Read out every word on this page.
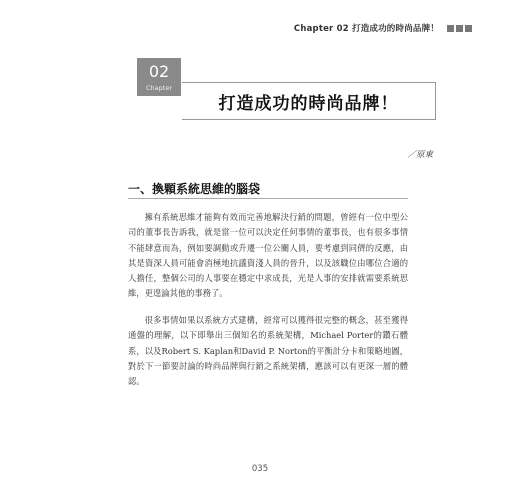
Chapter 02 打造成功的時尚品牌！
02
Chapter
打造成功的時尚品牌！
／原東
一、換顆系統思維的腦袋

擁有系統思維才能夠有效而完善地解決行銷的問題，曾經有一位中型公司的董事長告訴我，就是當一位可以決定任何事情的董事長，也有很多事情不能肆意而為，例如要調動或升遷一位公關人員，要考慮到同儕的反應，由其是資深人員可能會消極地抗議資淺人員的晉升，以及該職位由哪位合適的人擔任，整個公司的人事要在穩定中求成長，光是人事的安排就需要系統思維，更遑論其他的事務了。

很多事情如果以系統方式建構，經常可以獲得很完整的概念，甚至獲得通盤的理解，以下即舉出三個知名的系統架構，Michael Porter的鑽石體系，以及Robert S. Kaplan和David P. Norton的平衡計分卡和策略地圖，對於下一節要討論的時尚品牌與行銷之系統架構，應該可以有更深一層的體認。

035
